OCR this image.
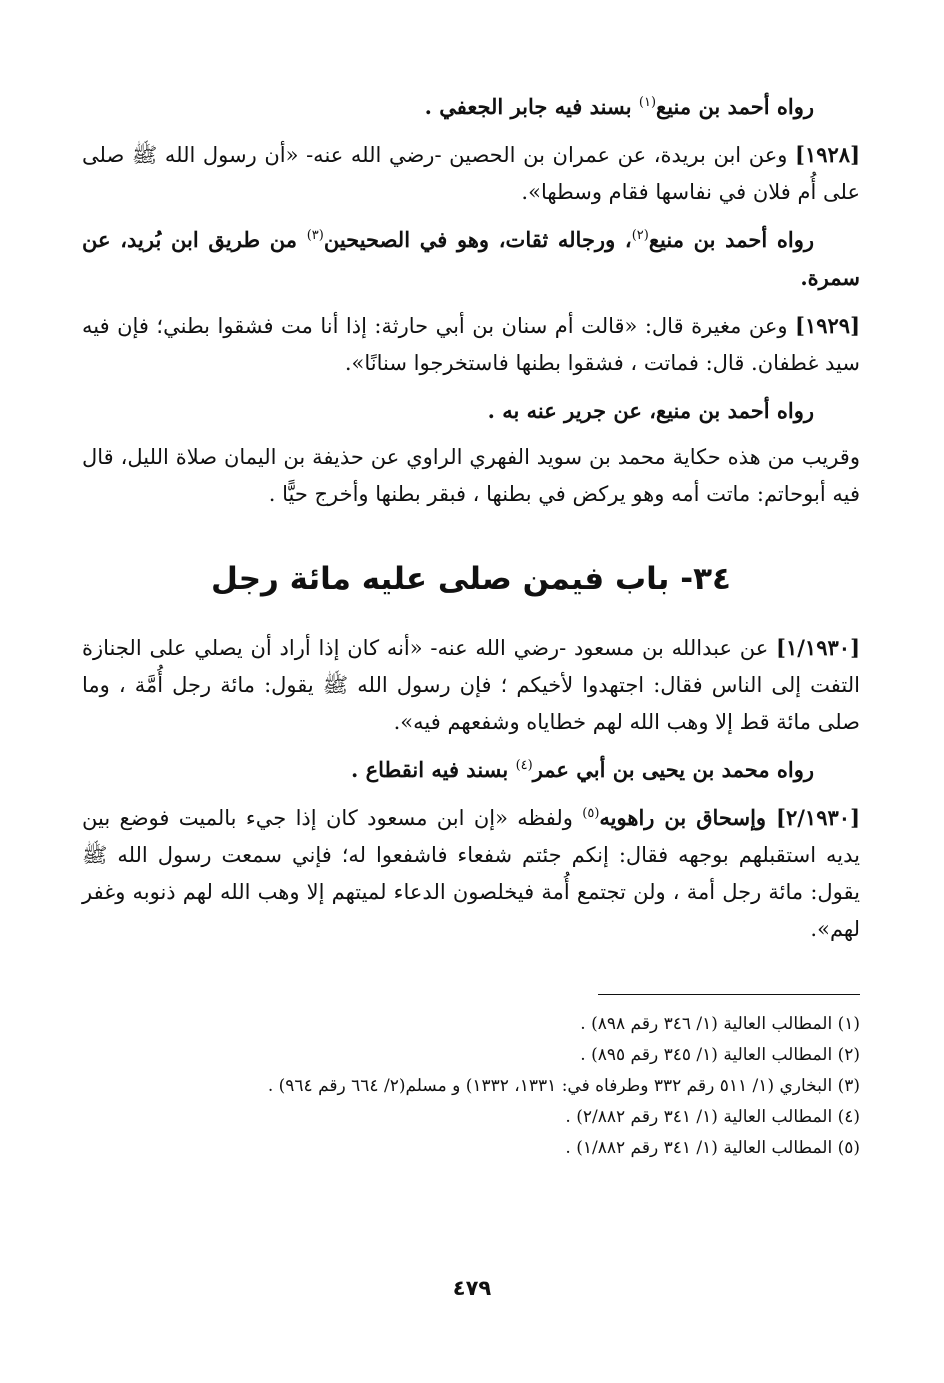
رواه أحمد بن منيع$^{(١)}$ بسند فيه جابر الجعفي .

[١٩٢٨] وعن ابن بريدة، عن عمران بن الحصين -رضي الله عنه- «أن رسول الله ﷺ صلى على أُم فلان في نفاسها فقام وسطها».

رواه أحمد بن منيع$^{(٢)}$، ورجاله ثقات، وهو في الصحيحين$^{(٣)}$ من طريق ابن بُريد، عن سمرة.

[١٩٢٩] وعن مغيرة قال: «قالت أم سنان بن أبي حارثة: إذا أنا مت فشقوا بطني؛ فإن فيه سيد غطفان. قال: فماتت ، فشقوا بطنها فاستخرجوا سنانًا».

رواه أحمد بن منيع، عن جرير عنه به .

وقريب من هذه حكاية محمد بن سويد الفهري الراوي عن حذيفة بن اليمان صلاة الليل، قال فيه أبوحاتم: ماتت أمه وهو يركض في بطنها ، فبقر بطنها وأخرج حيًّا .

٣٤- باب فيمن صلى عليه مائة رجل

[١/١٩٣٠] عن عبدالله بن مسعود -رضي الله عنه- «أنه كان إذا أراد أن يصلي على الجنازة التفت إلى الناس فقال: اجتهدوا لأخيكم ؛ فإن رسول الله ﷺ يقول: مائة رجل أُمَّة ، وما صلى مائة قط إلا وهب الله لهم خطاياه وشفعهم فيه».

رواه محمد بن يحيى بن أبي عمر$^{(٤)}$ بسند فيه انقطاع .

[٢/١٩٣٠] وإسحاق بن راهويه$^{(٥)}$ ولفظه «إن ابن مسعود كان إذا جيء بالميت فوضع بين يديه استقبلهم بوجهه فقال: إنكم جئتم شفعاء فاشفعوا له؛ فإني سمعت رسول الله ﷺ يقول: مائة رجل أمة ، ولن تجتمع أُمة فيخلصون الدعاء لميتهم إلا وهب الله لهم ذنوبه وغفر لهم».

(١) المطالب العالية (١/ ٣٤٦ رقم ٨٩٨) .
(٢) المطالب العالية (١/ ٣٤٥ رقم ٨٩٥) .
(٣) البخاري (١/ ٥١١ رقم ٣٣٢ وطرفاه في: ١٣٣١، ١٣٣٢) و مسلم(٢/ ٦٦٤ رقم ٩٦٤) .
(٤) المطالب العالية (١/ ٣٤١ رقم ٢/٨٨٢) .
(٥) المطالب العالية (١/ ٣٤١ رقم ١/٨٨٢) .
٤٧٩
